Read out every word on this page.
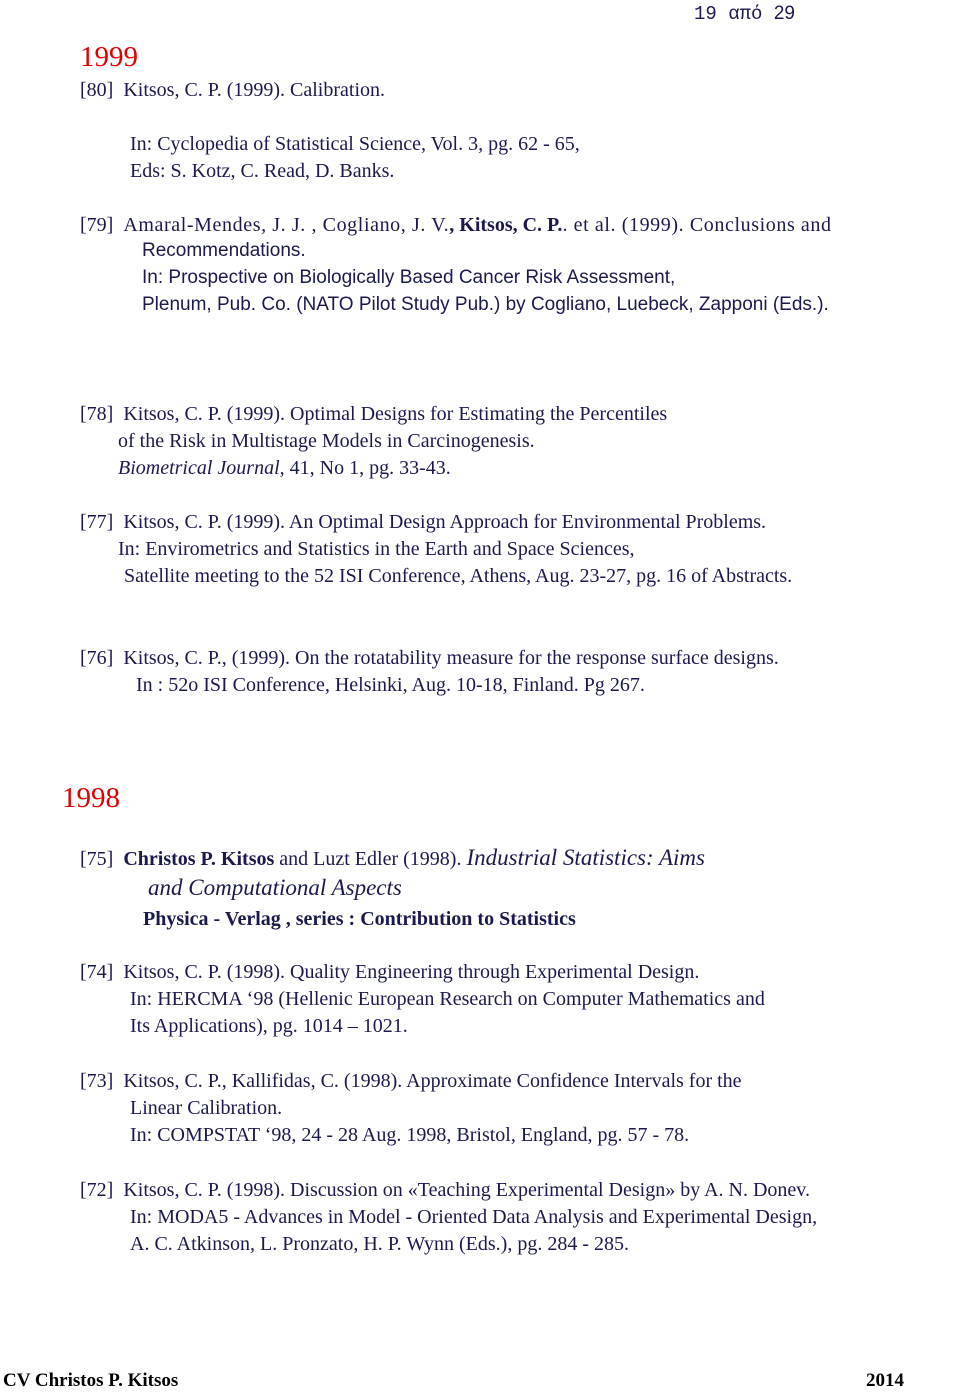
19 από 29
1999
[80] Kitsos, C. P. (1999). Calibration.
In: Cyclopedia of Statistical Science, Vol. 3, pg. 62 - 65,
Eds: S. Kotz, C. Read, D. Banks.
[79] Amaral-Mendes, J. J. , Cogliano, J. V., Kitsos, C. P.. et al. (1999). Conclusions and
Recommendations.
In: Prospective on Biologically Based Cancer Risk Assessment,
Plenum, Pub. Co. (NATO Pilot Study Pub.) by Cogliano, Luebeck, Zapponi (Eds.).
[78] Kitsos, C. P. (1999). Optimal Designs for Estimating the Percentiles
of the Risk in Multistage Models in Carcinogenesis.
Biometrical Journal, 41, No 1, pg. 33-43.
[77] Kitsos, C. P. (1999). An Optimal Design Approach for Environmental Problems.
In: Envirometrics and Statistics in the Earth and Space Sciences,
Satellite meeting to the 52 ISI Conference, Athens, Aug. 23-27, pg. 16 of Abstracts.
[76] Kitsos, C. P., (1999). On the rotatability measure for the response surface designs.
In : 52o ISI Conference, Helsinki, Aug. 10-18, Finland. Pg 267.
1998
[75] Christos P. Kitsos and Luzt Edler (1998). Industrial Statistics: Aims
and Computational Aspects
Physica - Verlag , series : Contribution to Statistics
[74] Kitsos, C. P. (1998). Quality Engineering through Experimental Design.
In: HERCMA ‘98 (Hellenic European Research on Computer Mathematics and
Its Applications), pg. 1014 – 1021.
[73] Kitsos, C. P., Kallifidas, C. (1998). Approximate Confidence Intervals for the
Linear Calibration.
In: COMPSTAT ‘98, 24 - 28 Aug. 1998, Bristol, England, pg. 57 - 78.
[72] Kitsos, C. P. (1998). Discussion on «Teaching Experimental Design» by A. N. Donev.
In: MODA5 - Advances in Model - Oriented Data Analysis and Experimental Design,
A. C. Atkinson, L. Pronzato, H. P. Wynn (Eds.), pg. 284 - 285.
CV Christos P. Kitsos	2014
